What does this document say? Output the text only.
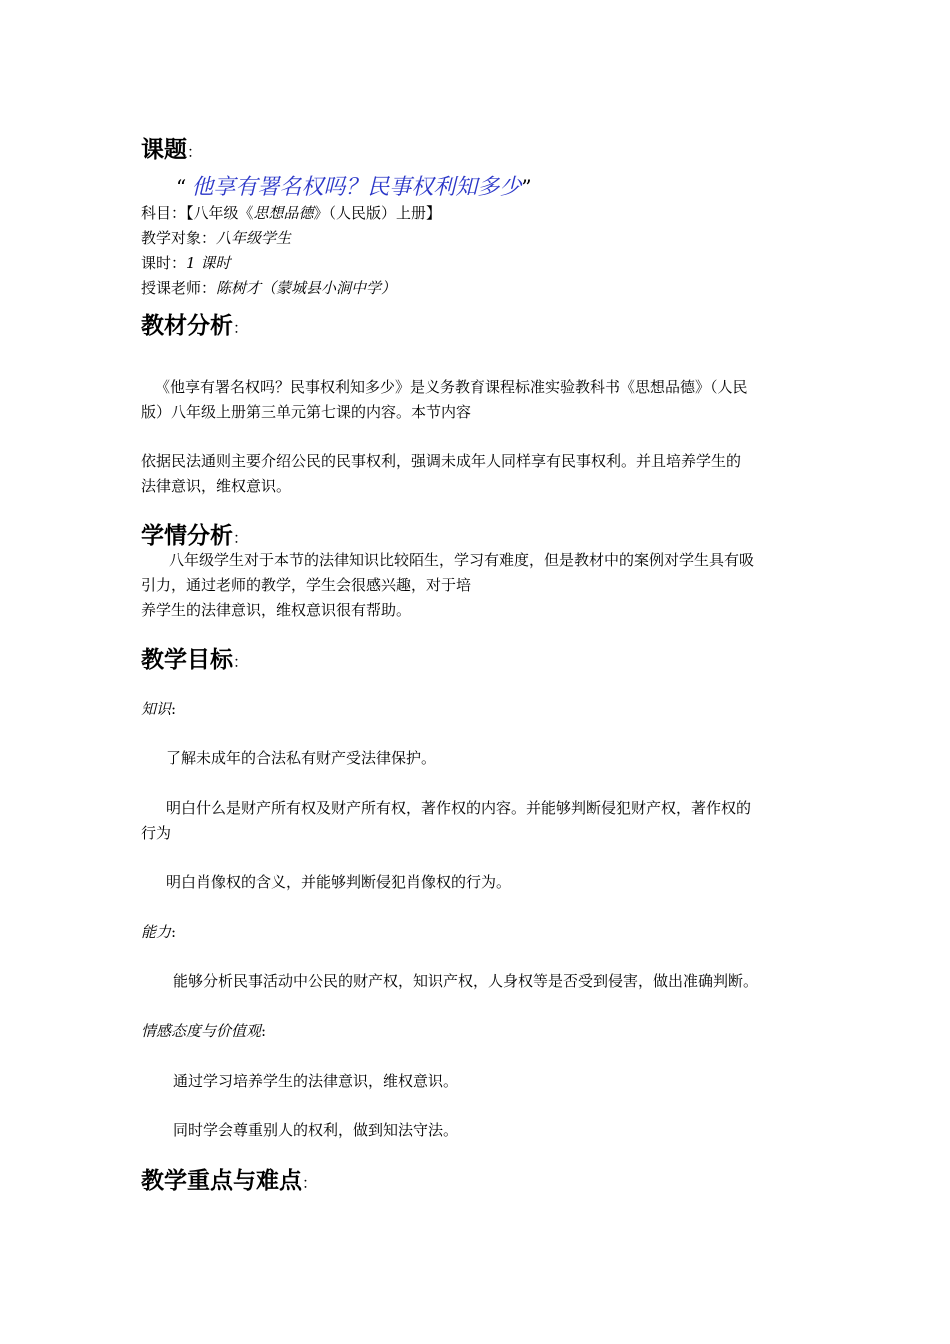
课题：
“ 他享有署名权吗？民事权利知多少”
科目：【八年级《思想品德》（人民版）上册】
教学对象：八年级学生
课时：1 课时
授课老师：陈树才（蒙城县小涧中学）
教材分析：
《他享有署名权吗？民事权利知多少》是义务教育课程标准实验教科书《思想品德》（人民
版）八年级上册第三单元第七课的内容。本节内容
依据民法通则主要介绍公民的民事权利，强调未成年人同样享有民事权利。并且培养学生的
法律意识，维权意识。
学情分析：
八年级学生对于本节的法律知识比较陌生，学习有难度，但是教材中的案例对学生具有吸
引力，通过老师的教学，学生会很感兴趣，对于培
养学生的法律意识，维权意识很有帮助。
教学目标：
知识:
了解未成年的合法私有财产受法律保护。
明白什么是财产所有权及财产所有权，著作权的内容。并能够判断侵犯财产权，著作权的
行为
明白肖像权的含义，并能够判断侵犯肖像权的行为。
能力:
能够分析民事活动中公民的财产权，知识产权，人身权等是否受到侵害，做出准确判断。
情感态度与价值观:
通过学习培养学生的法律意识，维权意识。
同时学会尊重别人的权利，做到知法守法。
教学重点与难点：
